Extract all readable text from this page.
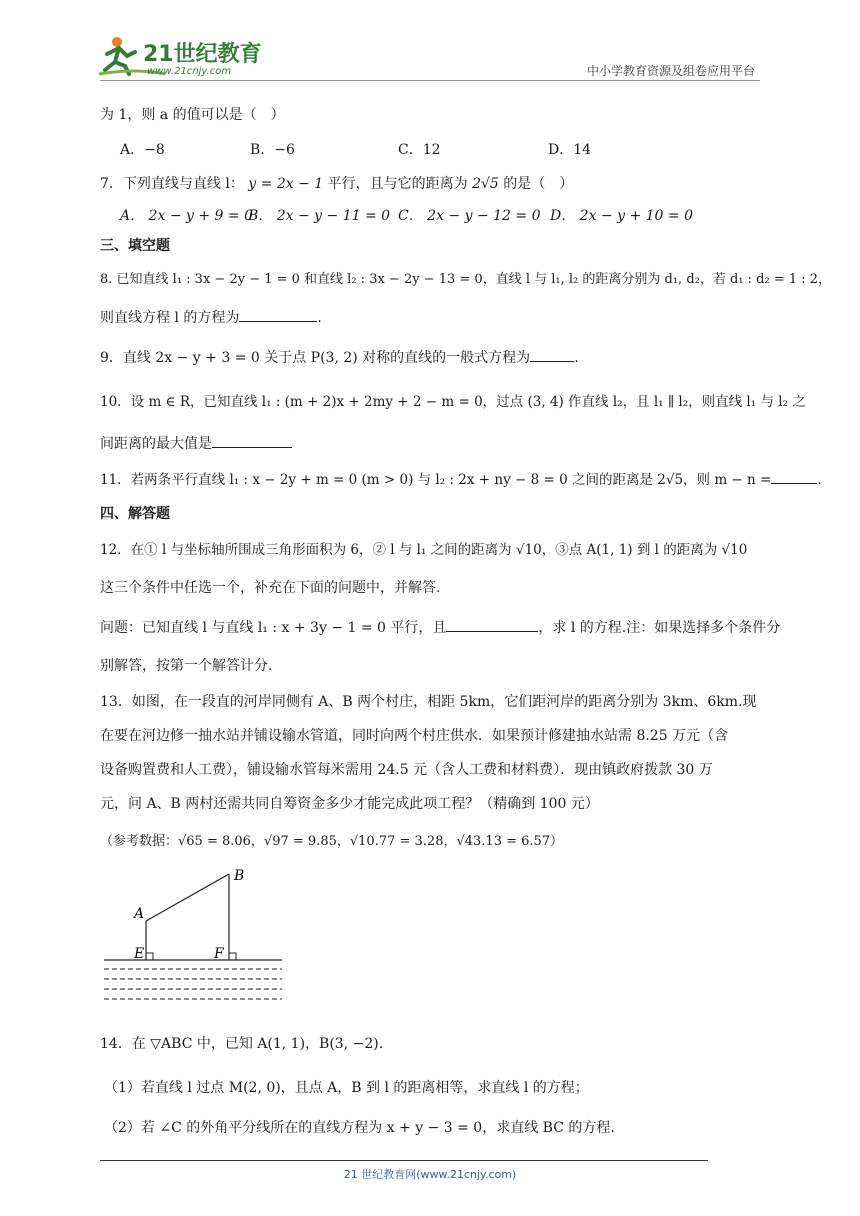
21世纪教育
www.21cnjy.com	中小学教育资源及组卷应用平台
为 1，则 a 的值可以是（　）
A．−8	B．−6	C．12	D．14
7．下列直线与直线 l： y = 2x − 1 平行，且与它的距离为 2√5 的是（　）
A． 2x − y + 9 = 0
B． 2x − y − 11 = 0 C． 2x − y − 12 = 0 D． 2x − y + 10 = 0
三、填空题
8. 已知直线 l₁ : 3x − 2y − 1 = 0 和直线 l₂ : 3x − 2y − 13 = 0，直线 l 与 l₁, l₂ 的距离分别为 d₁, d₂，若 d₁ : d₂ = 1 : 2，
则直线方程 l 的方程为	.
9．直线 2x − y + 3 = 0 关于点 P(3, 2) 对称的直线的一般式方程为	.
10．设 m ∈ R，已知直线 l₁ : (m + 2)x + 2my + 2 − m = 0，过点 (3, 4) 作直线 l₂，且 l₁ ∥ l₂，则直线 l₁ 与 l₂ 之
间距离的最大值是
11．若两条平行直线 l₁ : x − 2y + m = 0 (m > 0) 与 l₂ : 2x + ny − 8 = 0 之间的距离是 2√5，则 m − n =	.
四、解答题
12．在① l 与坐标轴所围成三角形面积为 6，② l 与 l₁ 之间的距离为 √10，③点 A(1, 1) 到 l 的距离为 √10
这三个条件中任选一个，补充在下面的问题中，并解答.
问题：已知直线 l 与直线 l₁ : x + 3y − 1 = 0 平行，且	，求 l 的方程.注：如果选择多个条件分
别解答，按第一个解答计分.
13．如图，在一段直的河岸同侧有 A、B 两个村庄，相距 5km，它们距河岸的距离分别为 3km、6km.现
在要在河边修一抽水站并铺设输水管道，同时向两个村庄供水．如果预计修建抽水站需 8.25 万元（含
设备购置费和人工费），铺设输水管每米需用 24.5 元（含人工费和材料费）．现由镇政府拨款 30 万
元，问 A、B 两村还需共同自筹资金多少才能完成此项工程？（精确到 100 元）
（参考数据：√65 = 8.06，√97 = 9.85，√10.77 = 3.28，√43.13 = 6.57）
B
A
E	F
14．在 ▽ABC 中，已知 A(1, 1)，B(3, −2).
（1）若直线 l 过点 M(2, 0)，且点 A，B 到 l 的距离相等，求直线 l 的方程；
（2）若 ∠C 的外角平分线所在的直线方程为 x + y − 3 = 0，求直线 BC 的方程.
21 世纪教育网(www.21cnjy.com)
